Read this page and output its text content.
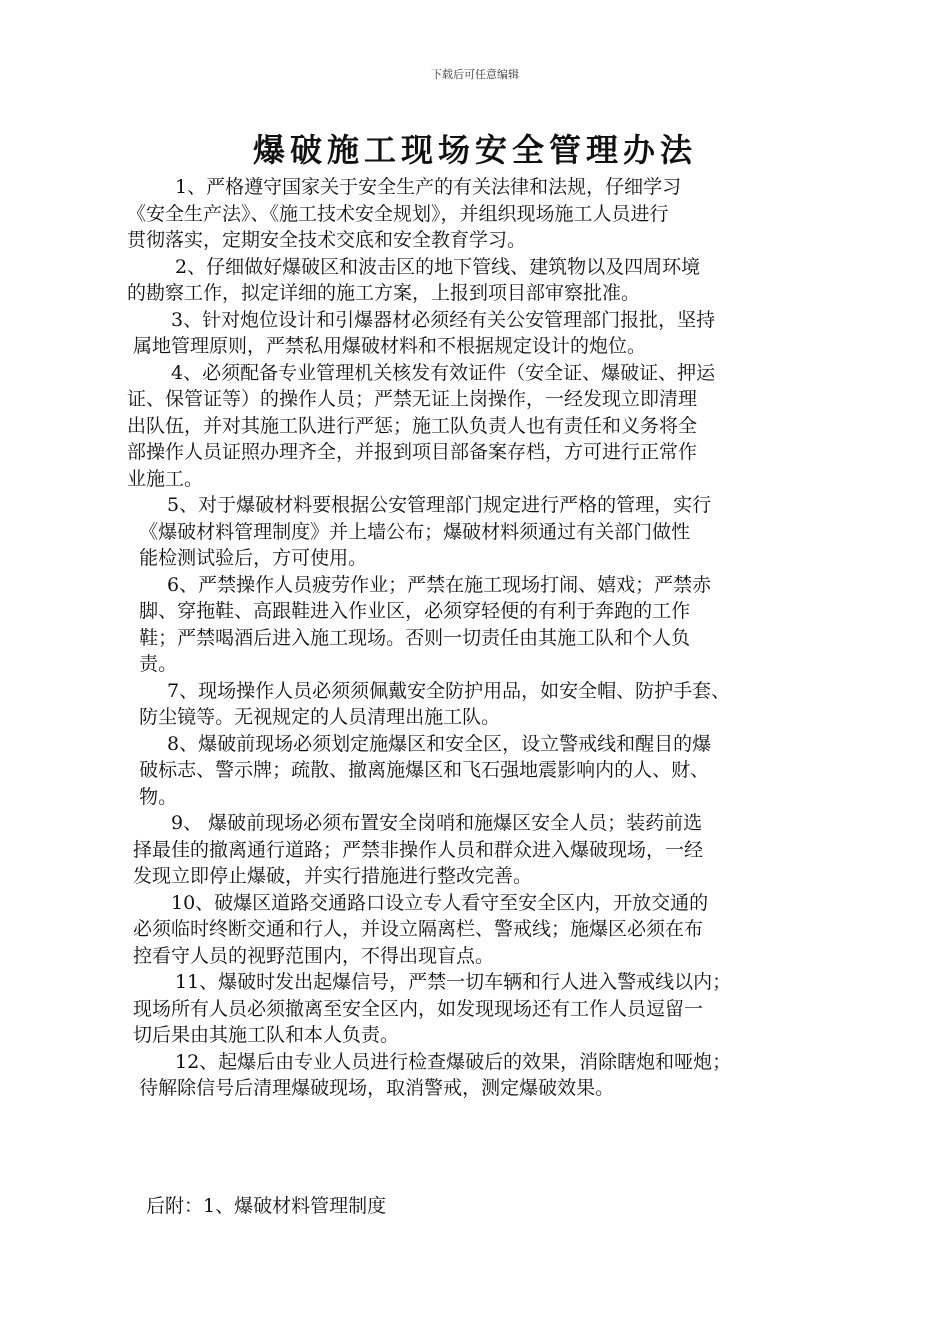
下载后可任意编辑
爆破施工现场安全管理办法

1、严格遵守国家关于安全生产的有关法律和法规，仔细学习
《安全生产法》、《施工技术安全规划》，并组织现场施工人员进行
贯彻落实，定期安全技术交底和安全教育学习。

2、仔细做好爆破区和波击区的地下管线、建筑物以及四周环境
的勘察工作，拟定详细的施工方案，上报到项目部审察批准。

3、针对炮位设计和引爆器材必须经有关公安管理部门报批，坚持
属地管理原则，严禁私用爆破材料和不根据规定设计的炮位。

4、必须配备专业管理机关核发有效证件（安全证、爆破证、押运
证、保管证等）的操作人员；严禁无证上岗操作，一经发现立即清理
出队伍，并对其施工队进行严惩；施工队负责人也有责任和义务将全
部操作人员证照办理齐全，并报到项目部备案存档，方可进行正常作
业施工。

5、对于爆破材料要根据公安管理部门规定进行严格的管理，实行
《爆破材料管理制度》并上墙公布；爆破材料须通过有关部门做性
能检测试验后，方可使用。

6、严禁操作人员疲劳作业；严禁在施工现场打闹、嬉戏；严禁赤
脚、穿拖鞋、高跟鞋进入作业区，必须穿轻便的有利于奔跑的工作
鞋；严禁喝酒后进入施工现场。否则一切责任由其施工队和个人负
责。

7、现场操作人员必须须佩戴安全防护用品，如安全帽、防护手套、
防尘镜等。无视规定的人员清理出施工队。

8、爆破前现场必须划定施爆区和安全区，设立警戒线和醒目的爆
破标志、警示牌；疏散、撤离施爆区和飞石强地震影响内的人、财、
物。

9、 爆破前现场必须布置安全岗哨和施爆区安全人员；装药前选
择最佳的撤离通行道路；严禁非操作人员和群众进入爆破现场，一经
发现立即停止爆破，并实行措施进行整改完善。

10、破爆区道路交通路口设立专人看守至安全区内，开放交通的
必须临时终断交通和行人，并设立隔离栏、警戒线；施爆区必须在布
控看守人员的视野范围内，不得出现盲点。

11、爆破时发出起爆信号，严禁一切车辆和行人进入警戒线以内；
现场所有人员必须撤离至安全区内，如发现现场还有工作人员逗留一
切后果由其施工队和本人负责。

12、起爆后由专业人员进行检查爆破后的效果，消除瞎炮和哑炮；
待解除信号后清理爆破现场，取消警戒，测定爆破效果。

后附：1、爆破材料管理制度
